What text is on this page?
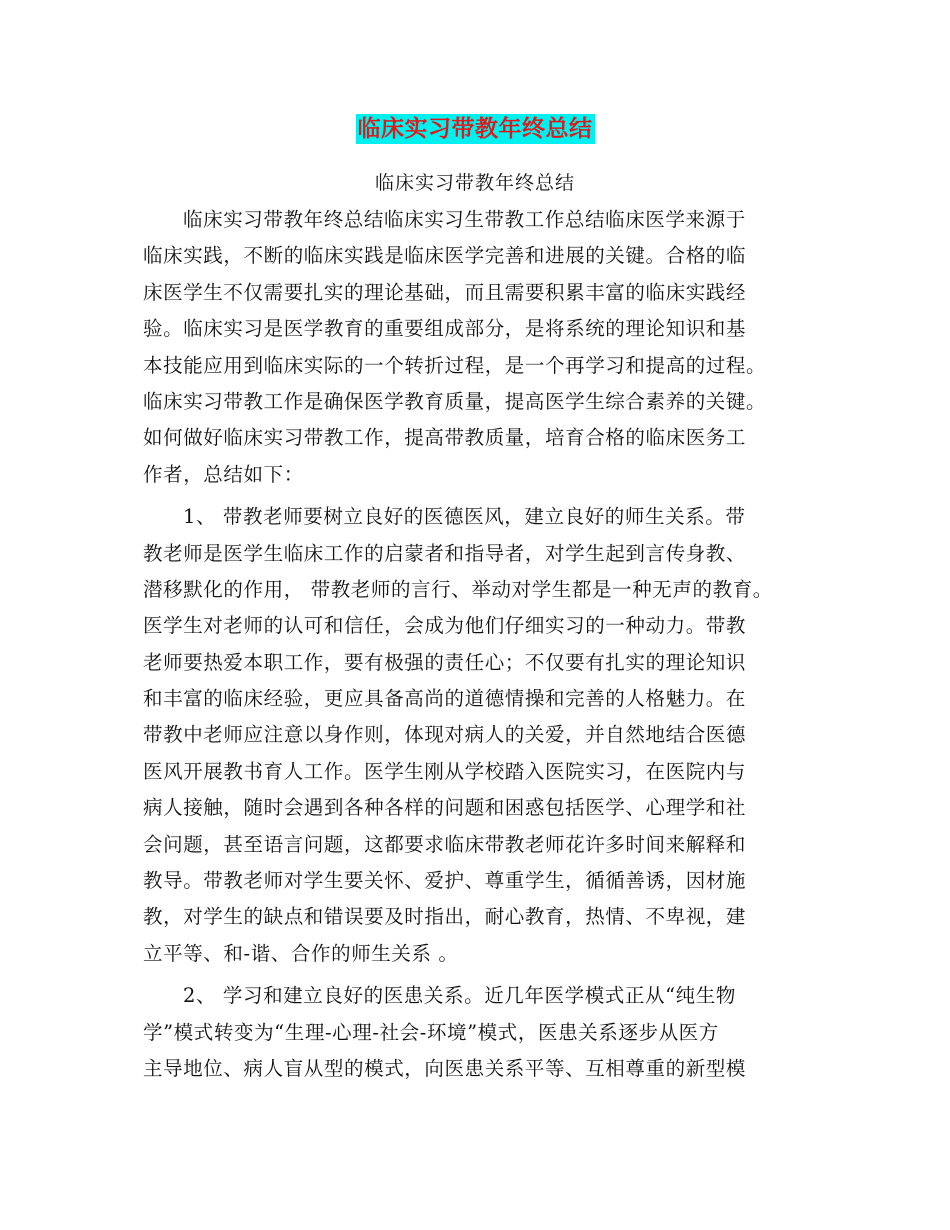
临床实习带教年终总结
临床实习带教年终总结
临床实习带教年终总结临床实习生带教工作总结临床医学来源于
临床实践，不断的临床实践是临床医学完善和进展的关键。合格的临
床医学生不仅需要扎实的理论基础，而且需要积累丰富的临床实践经
验。临床实习是医学教育的重要组成部分，是将系统的理论知识和基
本技能应用到临床实际的一个转折过程，是一个再学习和提高的过程。
临床实习带教工作是确保医学教育质量，提高医学生综合素养的关键。
如何做好临床实习带教工作，提高带教质量，培育合格的临床医务工
作者，总结如下：
1、 带教老师要树立良好的医德医风，建立良好的师生关系。带
教老师是医学生临床工作的启蒙者和指导者，对学生起到言传身教、
潜移默化的作用， 带教老师的言行、举动对学生都是一种无声的教育。
医学生对老师的认可和信任，会成为他们仔细实习的一种动力。带教
老师要热爱本职工作，要有极强的责任心；不仅要有扎实的理论知识
和丰富的临床经验，更应具备高尚的道德情操和完善的人格魅力。在
带教中老师应注意以身作则，体现对病人的关爱，并自然地结合医德
医风开展教书育人工作。医学生刚从学校踏入医院实习，在医院内与
病人接触，随时会遇到各种各样的问题和困惑包括医学、心理学和社
会问题，甚至语言问题，这都要求临床带教老师花许多时间来解释和
教导。带教老师对学生要关怀、爱护、尊重学生，循循善诱，因材施
教，对学生的缺点和错误要及时指出，耐心教育，热情、不卑视，建
立平等、和-谐、合作的师生关系 。
2、 学习和建立良好的医患关系。近几年医学模式正从“纯生物
学”模式转变为“生理-心理-社会-环境”模式，医患关系逐步从医方
主导地位、病人盲从型的模式，向医患关系平等、互相尊重的新型模
